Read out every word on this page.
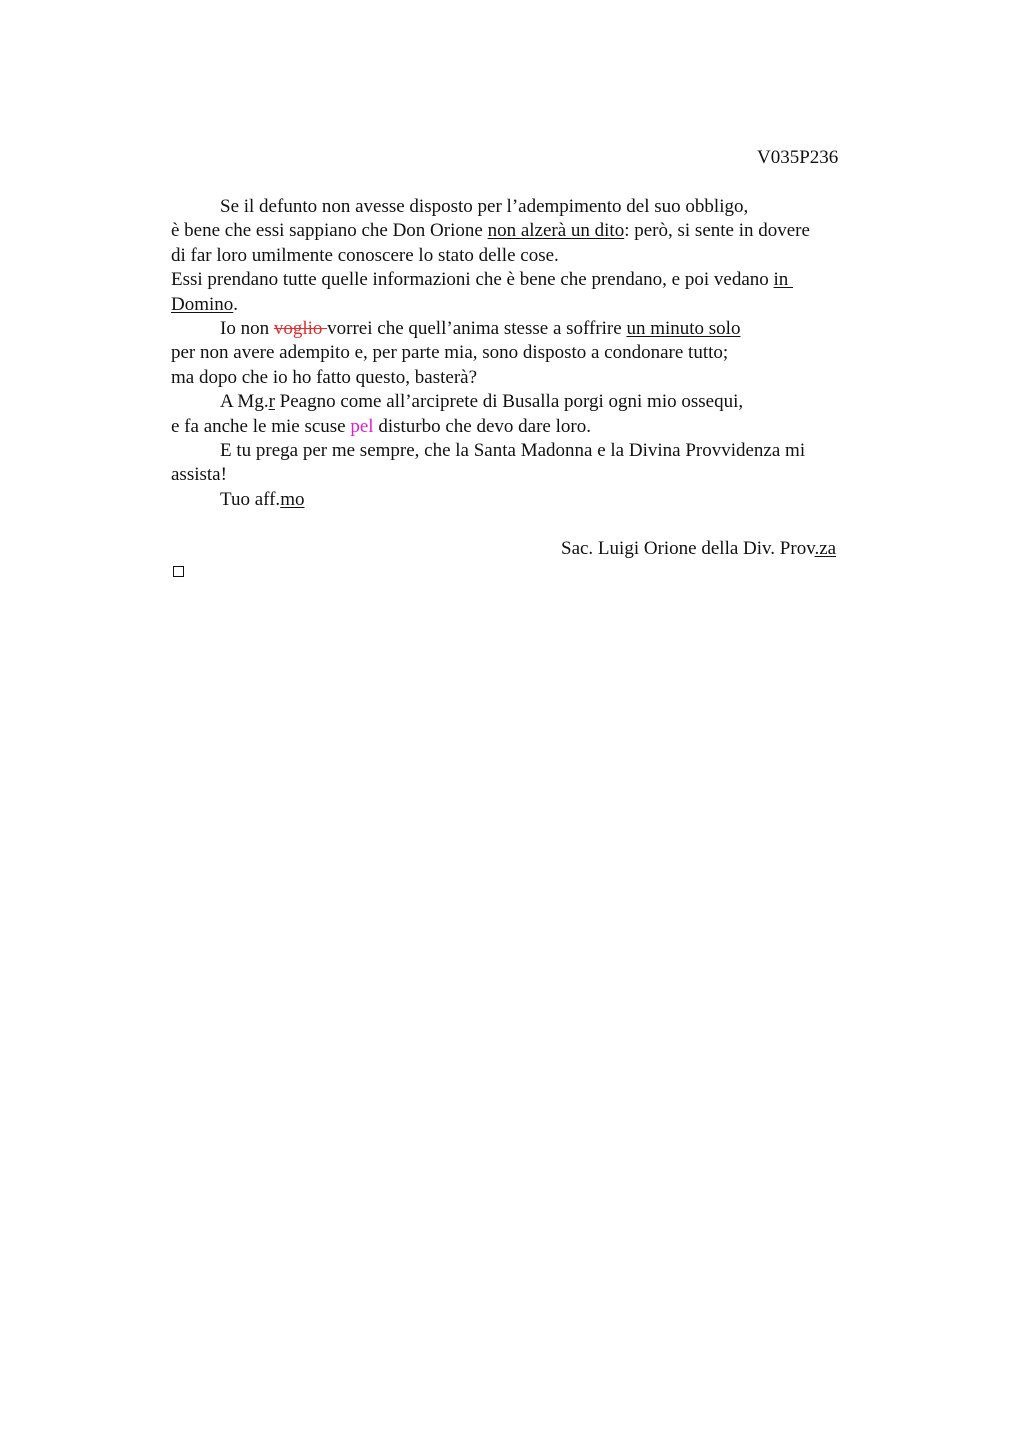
V035P236

Se il defunto non avesse disposto per l’adempimento del suo obbligo,

è bene che essi sappiano che Don Orione non alzerà un dito: però, si sente in dovere

di far loro umilmente conoscere lo stato delle cose.

Essi prendano tutte quelle informazioni che è bene che prendano, e poi vedano in

Domino.

Io non voglio vorrei che quell’anima stesse a soffrire un minuto solo

per non avere adempito e, per parte mia, sono disposto a condonare tutto;

ma dopo che io ho fatto questo, basterà?

A Mg.r Peagno come all’arciprete di Busalla porgi ogni mio ossequi,

e fa anche le mie scuse pel disturbo che devo dare loro.

E tu prega per me sempre, che la Santa Madonna e la Divina Provvidenza mi

assista!

Tuo aff.mo

Sac. Luigi Orione della Div. Prov.za
